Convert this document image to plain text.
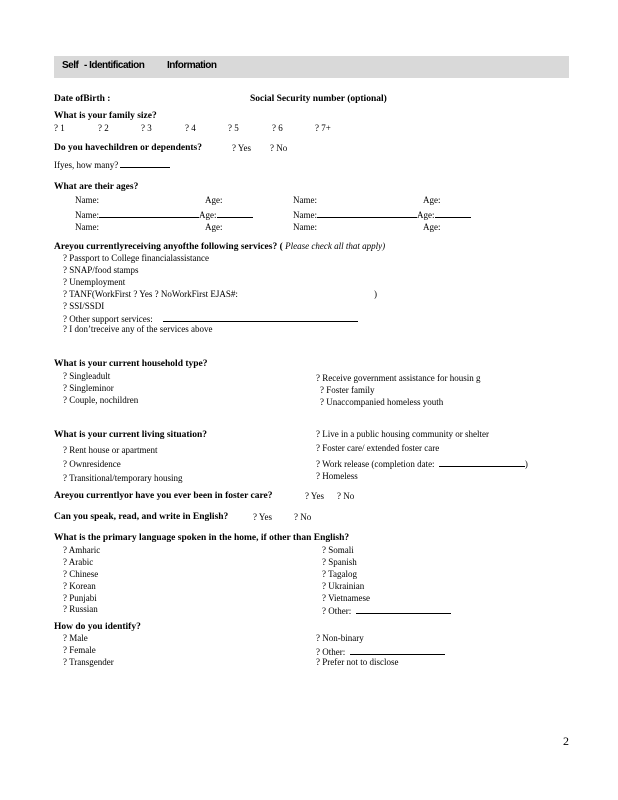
Self - Identification Information
Date ofBirth :	Social Security number (optional)
What is your family size?
? 1	? 2	? 3	? 4	? 5	? 6	? 7+
Do you havechildren or dependents?	? Yes ? No
Ifyes, how many?
What are their ages?
Name:	Age:	Name:	Age:
Name:	Age:	Name:	Age:
Name:	Age:	Name:	Age:
Areyou currentlyreceiving anyofthe following services? ( Please check all that apply)
? Passport to College financialassistance
? SNAP/food stamps
? Unemployment
? TANF(WorkFirst ? Yes ? NoWorkFirst EJAS#:	)
? SSI/SSDI
? Other support services:
? I don’treceive any of the services above
What is your current household type?
? Singleadult
? Singleminor
? Couple, nochildren
? Receive government assistance for housin g
? Foster family
? Unaccompanied homeless youth
What is your current living situation?
? Rent house or apartment
? Ownresidence
? Transitional/temporary housing
? Live in a public housing community or shelter
? Foster care/ extended foster care
? Work release (completion date:	)
? Homeless
Areyou currentlyor have you ever been in foster care?	? Yes ? No
Can you speak, read, and write in English?	? Yes ? No
What is the primary language spoken in the home, if other than English?
? Amharic
? Arabic
? Chinese
? Korean
? Punjabi
? Russian
? Somali
? Spanish
? Tagalog
? Ukrainian
? Vietnamese
? Other:
How do you identify?
? Male
? Female
? Transgender
? Non-binary
? Other:
? Prefer not to disclose
2
